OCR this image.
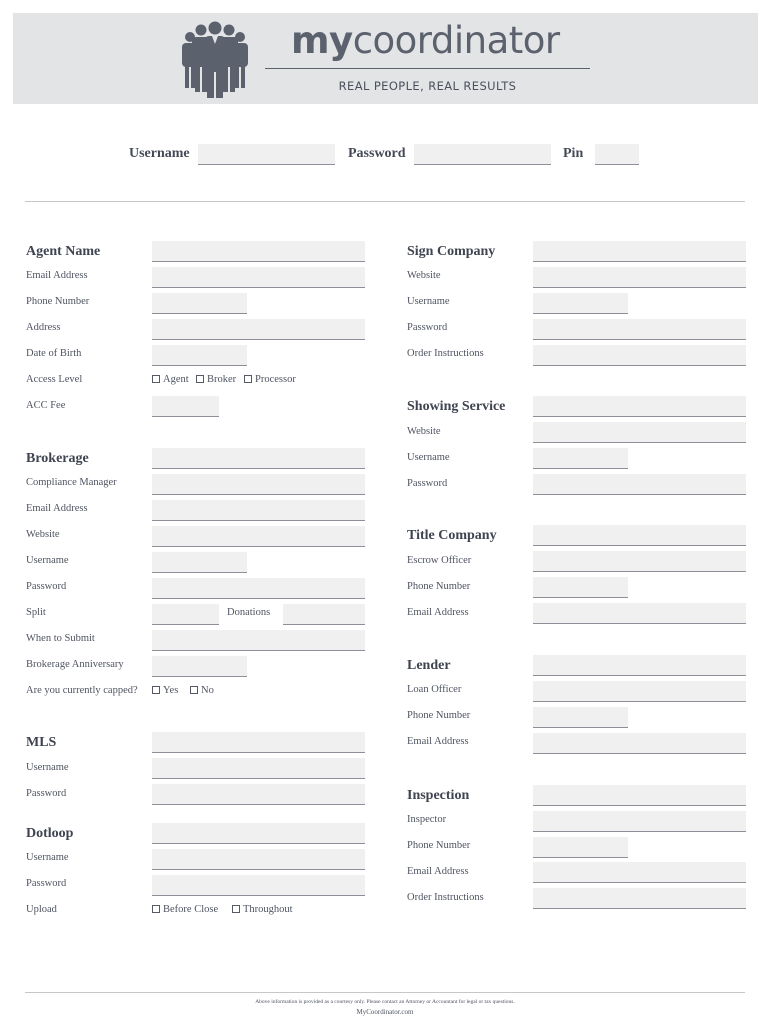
mycoordinator
REAL PEOPLE, REAL RESULTS
Username	Password	Pin
Agent Name
Email Address
Phone Number
Address
Date of Birth
Access Level	Agent	Broker	Processor
ACC Fee
Brokerage
Compliance Manager
Email Address
Website
Username
Password
Split	Donations
When to Submit
Brokerage Anniversary
Are you currently capped?	Yes	No
MLS
Username
Password
Dotloop
Username
Password
Upload	Before Close	Throughout
Sign Company
Website
Username
Password
Order Instructions
Showing Service
Website
Username
Password
Title Company
Escrow Officer
Phone Number
Email Address
Lender
Loan Officer
Phone Number
Email Address
Inspection
Inspector
Phone Number
Email Address
Order Instructions
Above information is provided as a courtesy only. Please contact an Attorney or Accountant for legal or tax questions.
MyCoordinator.com
